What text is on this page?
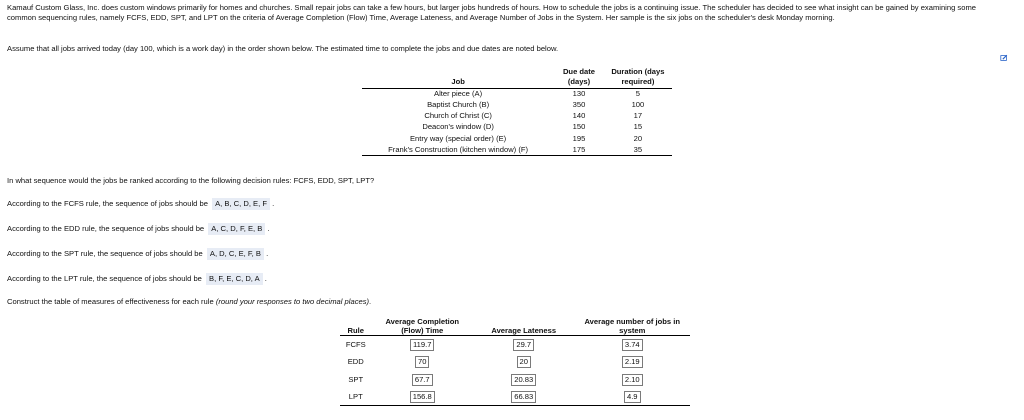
Kamauf Custom Glass, Inc. does custom windows primarily for homes and churches. Small repair jobs can take a few hours, but larger jobs hundreds of hours. How to schedule the jobs is a continuing issue. The scheduler has decided to see what insight can be gained by examining some common sequencing rules, namely FCFS, EDD, SPT, and LPT on the criteria of Average Completion (Flow) Time, Average Lateness, and Average Number of Jobs in the System. Her sample is the six jobs on the scheduler's desk Monday morning.

Assume that all jobs arrived today (day 100, which is a work day) in the order shown below. The estimated time to complete the jobs and due dates are noted below.

Job	Due date (days)	Duration (days required)
Alter piece (A)	130	5
Baptist Church (B)	350	100
Church of Christ (C)	140	17
Deacon's window (D)	150	15
Entry way (special order) (E)	195	20
Frank's Construction (kitchen window) (F)	175	35

In what sequence would the jobs be ranked according to the following decision rules: FCFS, EDD, SPT, LPT?

According to the FCFS rule, the sequence of jobs should be A, B, C, D, E, F .

According to the EDD rule, the sequence of jobs should be A, C, D, F, E, B .

According to the SPT rule, the sequence of jobs should be A, D, C, E, F, B .

According to the LPT rule, the sequence of jobs should be B, F, E, C, D, A .

Construct the table of measures of effectiveness for each rule (round your responses to two decimal places).

Rule	Average Completion (Flow) Time	Average Lateness	Average number of jobs in system
FCFS	119.7	29.7	3.74
EDD	70	20	2.19
SPT	67.7	20.83	2.10
LPT	156.8	66.83	4.9
